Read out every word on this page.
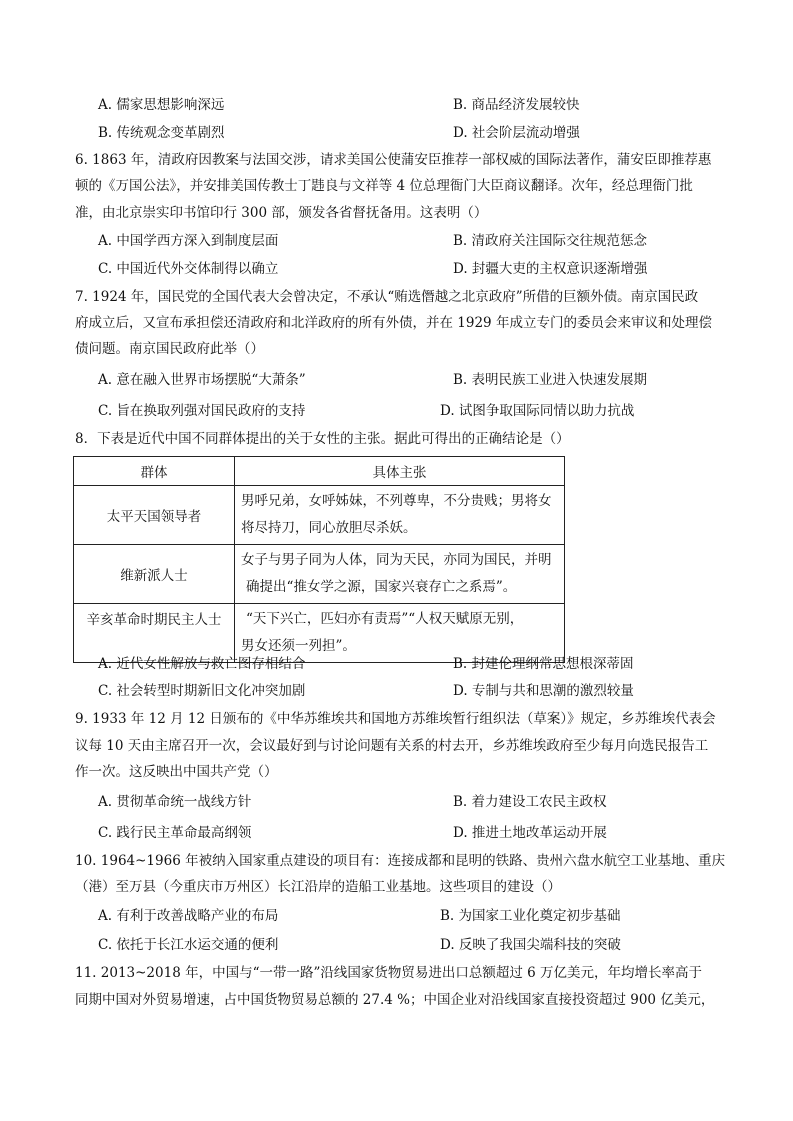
A. 儒家思想影响深远	B. 商品经济发展较快
B. 传统观念变革剧烈	D. 社会阶层流动增强
6. 1863 年，清政府因教案与法国交涉，请求美国公使蒲安臣推荐一部权威的国际法著作，蒲安臣即推荐惠
顿的《万国公法》，并安排美国传教士丁韪良与文祥等 4 位总理衙门大臣商议翻译。次年，经总理衙门批
准，由北京崇实印书馆印行 300 部，颁发各省督抚备用。这表明（）
A. 中国学西方深入到制度层面	B. 清政府关注国际交往规范惩念
C. 中国近代外交体制得以确立	D. 封疆大吏的主权意识逐渐增强
7. 1924 年，国民党的全国代表大会曾决定，不承认“贿选僭越之北京政府”所借的巨额外债。南京国民政
府成立后，又宣布承担偿还清政府和北洋政府的所有外债，并在 1929 年成立专门的委员会来审议和处理偿
债问题。南京国民政府此举（）
A. 意在融入世界市场摆脱“大萧条”	B. 表明民族工业进入快速发展期
C. 旨在换取列强对国民政府的支持	D. 试图争取国际同情以助力抗战
8．下表是近代中国不同群体提出的关于女性的主张。据此可得出的正确结论是（）
群体	具体主张
太平天国领导者	男呼兄弟，女呼姊妹，不列尊卑，不分贵贱；男将女
将尽持刀，同心放胆尽杀妖。

维新派人士	女子与男子同为人体，同为天民，亦同为国民，并明
确提出“推女学之源，国家兴衰存亡之系焉”。

辛亥革命时期民主人士	“天下兴亡，匹妇亦有责焉”“人权天赋原无别，
男女还须一列担”。
A. 近代女性解放与救亡图存相结合	B. 封建伦理纲常思想根深蒂固
C. 社会转型时期新旧文化冲突加剧	D. 专制与共和思潮的激烈较量
9. 1933 年 12 月 12 日颁布的《中华苏维埃共和国地方苏维埃暂行组织法（草案）》规定，乡苏维埃代表会
议每 10 天由主席召开一次，会议最好到与讨论问题有关系的村去开，乡苏维埃政府至少每月向选民报告工
作一次。这反映出中国共产党（）
A. 贯彻革命统一战线方针	B. 着力建设工农民主政权
C. 践行民主革命最高纲领	D. 推进土地改革运动开展
10. 1964~1966 年被纳入国家重点建设的项目有：连接成都和昆明的铁路、贵州六盘水航空工业基地、重庆
（港）至万县（今重庆市万州区）长江沿岸的造船工业基地。这些项目的建设（）
A. 有利于改善战略产业的布局	B. 为国家工业化奠定初步基础
C. 依托于长江水运交通的便利	D. 反映了我国尖端科技的突破
11. 2013~2018 年，中国与“一带一路”沿线国家货物贸易进出口总额超过 6 万亿美元，年均增长率高于
同期中国对外贸易增速，占中国货物贸易总额的 27.4 %；中国企业对沿线国家直接投资超过 900 亿美元，
